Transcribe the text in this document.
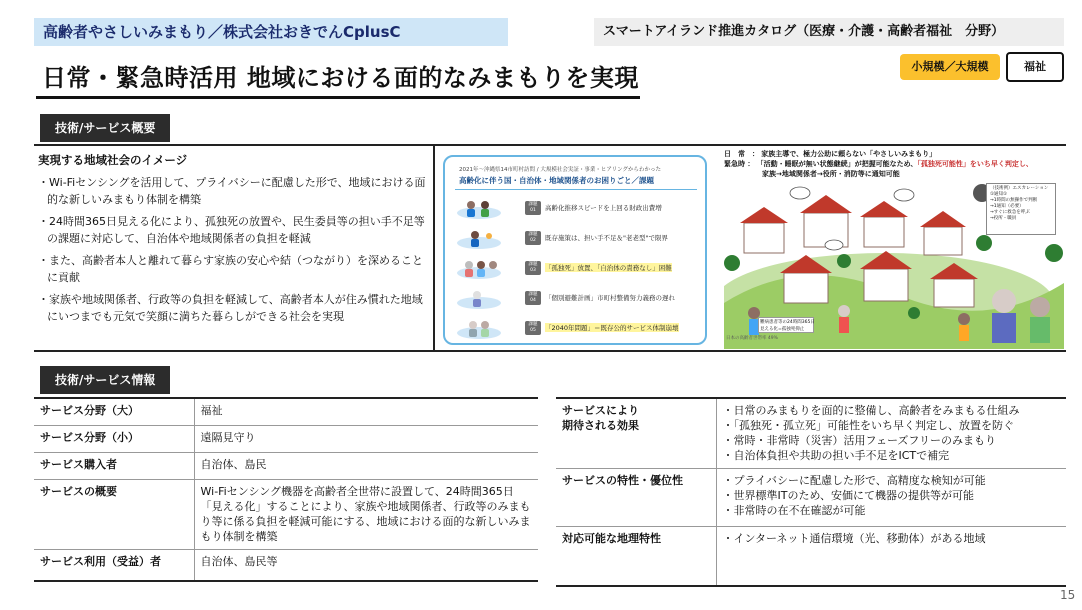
高齢者やさしいみまもり／株式会社おきでんCplusC	スマートアイランド推進カタログ（医療・介護・高齢者福祉　分野）
小規模／大規模	福祉
日常・緊急時活用 地域における面的なみまもりを実現
技術/サービス概要
実現する地域社会のイメージ
・Wi-Fiセンシングを活用して、プライバシーに配慮した形で、地域における面的な新しいみまもり体制を構築
・24時間365日見える化により、孤独死の放置や、民生委員等の担い手不足等の課題に対応して、自治体や地域関係者の負担を軽減
・また、高齢者本人と離れて暮らす家族の安心や結（つながり）を深めることに貢献
・家族や地域関係者、行政等の負担を軽減して、高齢者本人が住み慣れた地域にいつまでも元気で笑顔に満ちた暮らしができる社会を実現
2021年～沖縄県14市町村訪問 / 大規模社会実証・事業・ヒアリングからわかった
高齢化に伴う国・自治体・地域関係者のお困りごと／課題
課題 01	高齢化推移スピードを上回る財政出費増
課題 02	既存施策は、担い手不足＆"老老型"で限界
課題 03	「孤独死」放置、「自治体の責務なし」困難
課題 04	「個別避難計画」市町村整備努力義務の遅れ
課題 05	「2040年問題」＝既存公的サービス体制崩壊
日　常　： 家族主導で、極力公助に頼らない「やさしいみまもり」
緊急時 ： 「活動・睡眠が無い状態継続」が把握可能なため、「孤独死可能性」をいち早く判定し、
家族→地域関係者→役所・消防等に通知可能
（技術例）エスカレーション
①通知①
→1時間の無操作で判断
→1通知（必要）
→すぐに救急を呼ぶ
→役所・職員
難病患者等の24時間365日
見える化=孤独死抑止
日本の高齢者世帯率 49%
技術/サービス情報
サービス分野（大）	福祉
サービス分野（小）	遠隔見守り
サービス購入者	自治体、島民
サービスの概要	Wi-Fiセンシング機器を高齢者全世帯に設置して、24時間365日「見える化」することにより、家族や地域関係者、行政等のみまもり等に係る負担を軽減可能にする、地域における面的な新しいみまもり体制を構築
サービス利用（受益）者	自治体、島民等
サービスにより
期待される効果	・日常のみまもりを面的に整備し、高齢者をみまもる仕組み
・「孤独死・孤立死」可能性をいち早く判定し、放置を防ぐ
・常時・非常時（災害）活用フェーズフリーのみまもり
・自治体負担や共助の担い手不足をICTで補完

サービスの特性・優位性	・プライバシーに配慮した形で、高精度な検知が可能
・世界標準ITのため、安価にて機器の提供等が可能
・非常時の在不在確認が可能

対応可能な地理特性	・インターネット通信環境（光、移動体）がある地域
15
